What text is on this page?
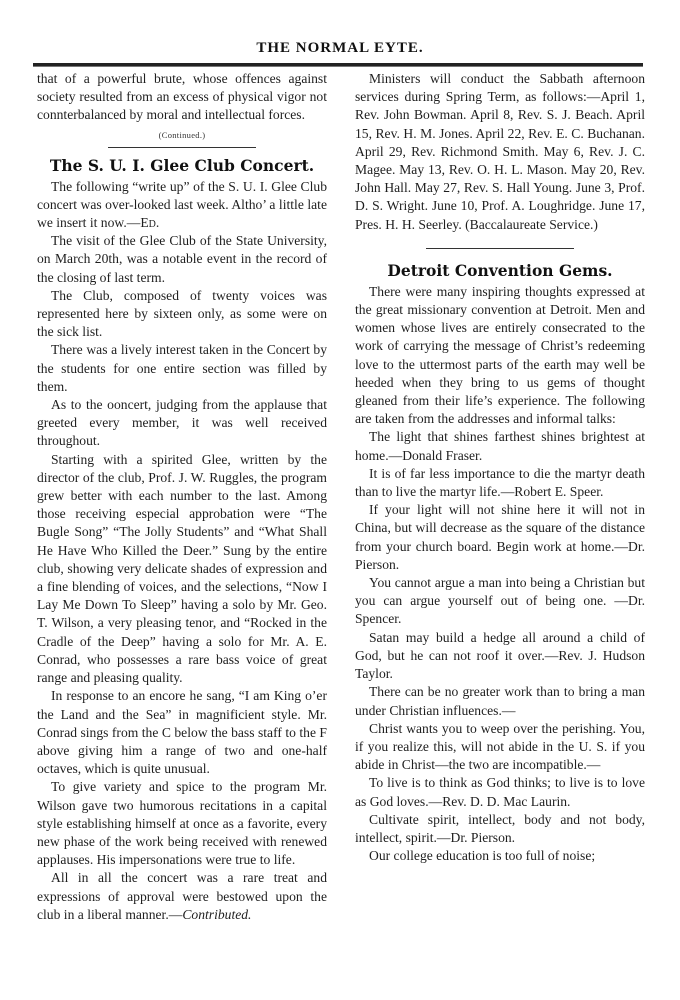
THE NORMAL EYTE.

that of a powerful brute, whose offences against society resulted from an excess of physical vigor not connterbalanced by moral and intellectual forces.

(Continued.)
The S. U. I. Glee Club Concert.

The following “write up” of the S. U. I. Glee Club concert was over-looked last week. Altho’ a little late we insert it now.—Ed.

The visit of the Glee Club of the State University, on March 20th, was a notable event in the record of the closing of last term.

The Club, composed of twenty voices was represented here by sixteen only, as some were on the sick list.

There was a lively interest taken in the Concert by the students for one entire section was filled by them.

As to the ooncert, judging from the applause that greeted every member, it was well received throughout.

Starting with a spirited Glee, written by the director of the club, Prof. J. W. Ruggles, the program grew better with each number to the last. Among those receiving especial approbation were “The Bugle Song” “The Jolly Students” and “What Shall He Have Who Killed the Deer.” Sung by the entire club, showing very delicate shades of expression and a fine blending of voices, and the selections, “Now I Lay Me Down To Sleep” having a solo by Mr. Geo. T. Wilson, a very pleasing tenor, and “Rocked in the Cradle of the Deep” having a solo for Mr. A. E. Conrad, who possesses a rare bass voice of great range and pleasing quality.

In response to an encore he sang, “I am King o’er the Land and the Sea” in magnificient style. Mr. Conrad sings from the C below the bass staff to the F above giving him a range of two and one-half octaves, which is quite unusual.

To give variety and spice to the program Mr. Wilson gave two humorous recitations in a capital style establishing himself at once as a favorite, every new phase of the work being received with renewed applauses. His impersonations were true to life.

All in all the concert was a rare treat and expressions of approval were bestowed upon the club in a liberal manner.—Contributed.

Ministers will conduct the Sabbath afternoon services during Spring Term, as follows:—April 1, Rev. John Bowman. April 8, Rev. S. J. Beach. April 15, Rev. H. M. Jones. April 22, Rev. E. C. Buchanan. April 29, Rev. Richmond Smith. May 6, Rev. J. C. Magee. May 13, Rev. O. H. L. Mason. May 20, Rev. John Hall. May 27, Rev. S. Hall Young. June 3, Prof. D. S. Wright. June 10, Prof. A. Loughridge. June 17, Pres. H. H. Seerley. (Baccalaureate Service.)

Detroit Convention Gems.

There were many inspiring thoughts expressed at the great missionary convention at Detroit. Men and women whose lives are entirely consecrated to the work of carrying the message of Christ’s redeeming love to the uttermost parts of the earth may well be heeded when they bring to us gems of thought gleaned from their life’s experience. The following are taken from the addresses and informal talks:

The light that shines farthest shines brightest at home.—Donald Fraser.

It is of far less importance to die the martyr death than to live the martyr life.—Robert E. Speer.

If your light will not shine here it will not in China, but will decrease as the square of the distance from your church board. Begin work at home.—Dr. Pierson.

You cannot argue a man into being a Christian but you can argue yourself out of being one. —Dr. Spencer.

Satan may build a hedge all around a child of God, but he can not roof it over.—Rev. J. Hudson Taylor.

There can be no greater work than to bring a man under Christian influences.—

Christ wants you to weep over the perishing. You, if you realize this, will not abide in the U. S. if you abide in Christ—the two are incompatible.—

To live is to think as God thinks; to live is to love as God loves.—Rev. D. D. Mac Laurin.

Cultivate spirit, intellect, body and not body, intellect, spirit.—Dr. Pierson.

Our college education is too full of noise;
